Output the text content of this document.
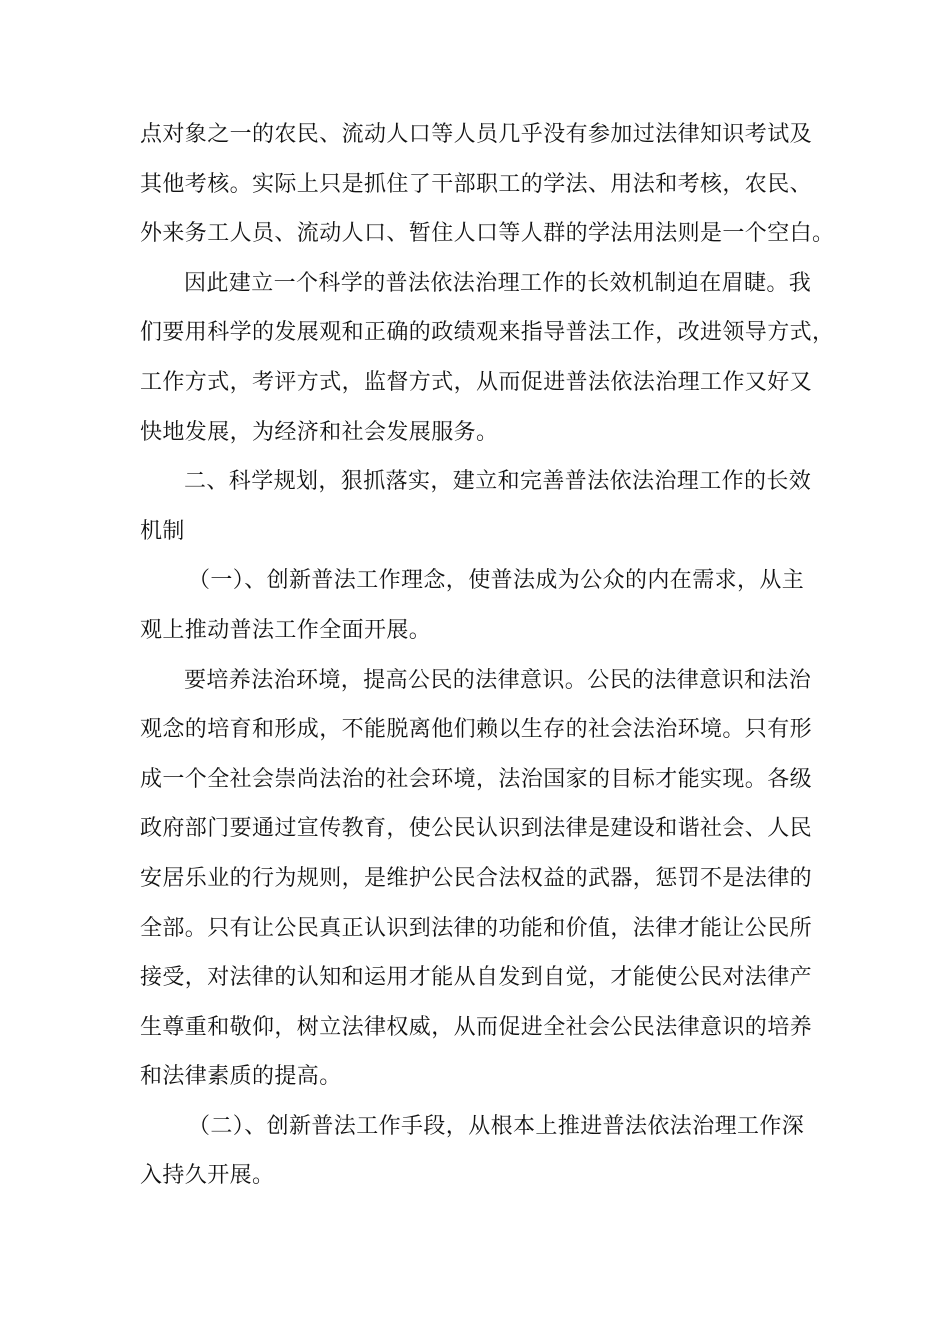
点对象之一的农民、流动人口等人员几乎没有参加过法律知识考试及
其他考核。实际上只是抓住了干部职工的学法、用法和考核，农民、
外来务工人员、流动人口、暂住人口等人群的学法用法则是一个空白。
因此建立一个科学的普法依法治理工作的长效机制迫在眉睫。我
们要用科学的发展观和正确的政绩观来指导普法工作，改进领导方式，
工作方式，考评方式，监督方式，从而促进普法依法治理工作又好又
快地发展，为经济和社会发展服务。
二、科学规划，狠抓落实，建立和完善普法依法治理工作的长效
机制
（一）、创新普法工作理念，使普法成为公众的内在需求，从主
观上推动普法工作全面开展。
要培养法治环境，提高公民的法律意识。公民的法律意识和法治
观念的培育和形成，不能脱离他们赖以生存的社会法治环境。只有形
成一个全社会崇尚法治的社会环境，法治国家的目标才能实现。各级
政府部门要通过宣传教育，使公民认识到法律是建设和谐社会、人民
安居乐业的行为规则，是维护公民合法权益的武器，惩罚不是法律的
全部。只有让公民真正认识到法律的功能和价值，法律才能让公民所
接受，对法律的认知和运用才能从自发到自觉，才能使公民对法律产
生尊重和敬仰，树立法律权威，从而促进全社会公民法律意识的培养
和法律素质的提高。
（二）、创新普法工作手段，从根本上推进普法依法治理工作深
入持久开展。
